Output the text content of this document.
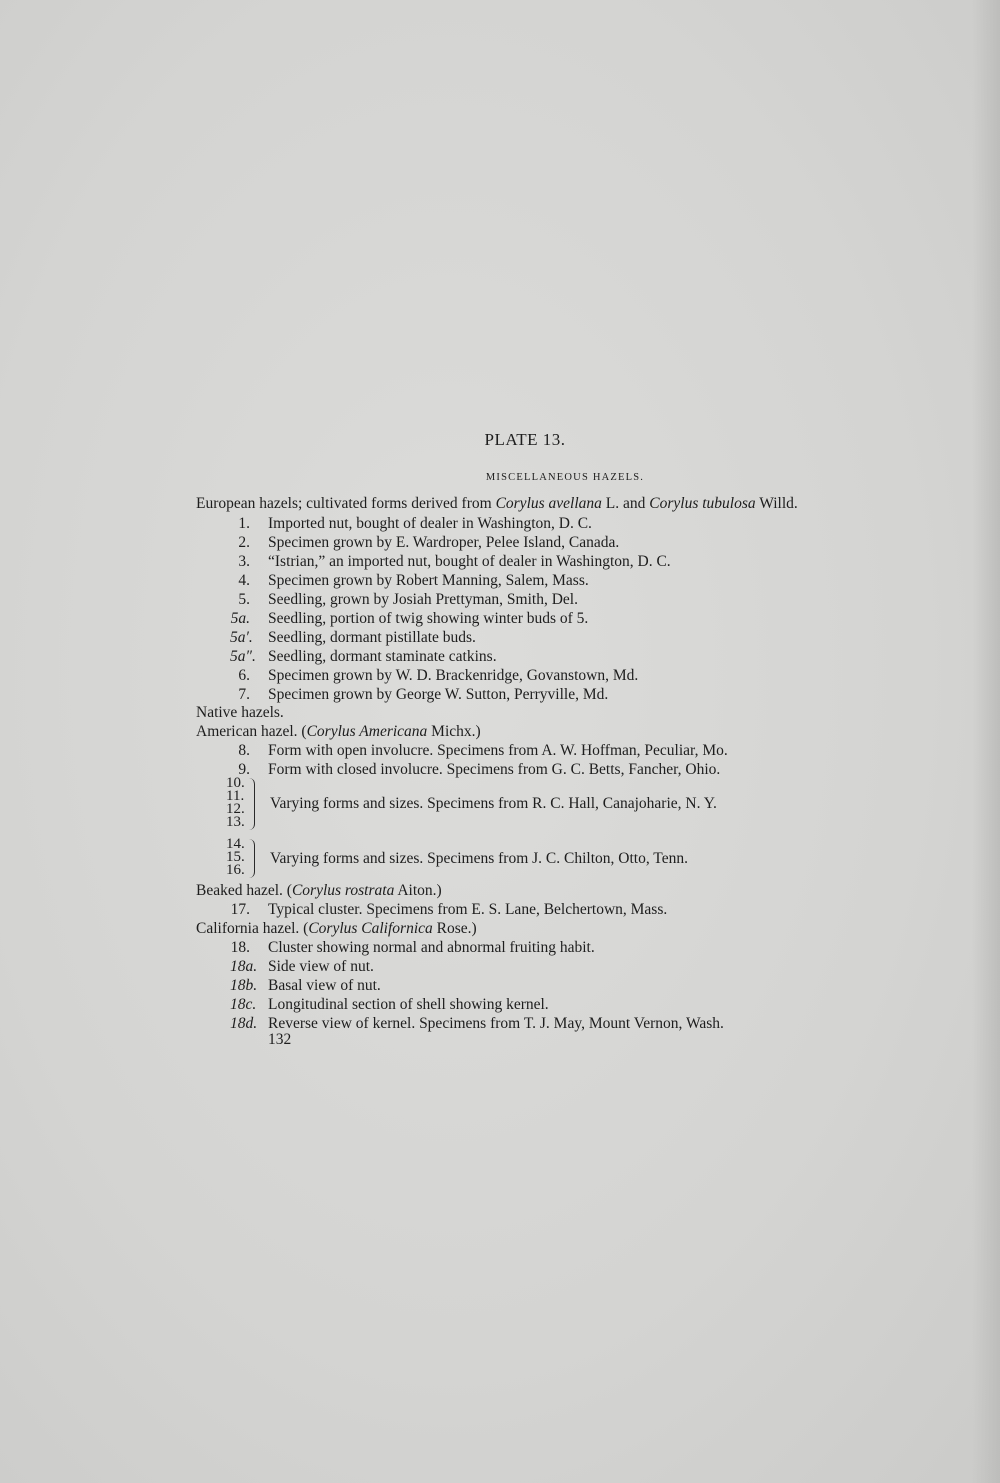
PLATE 13.
MISCELLANEOUS HAZELS.
European hazels; cultivated forms derived from Corylus avellana L. and Corylus tubulosa Willd.
1. Imported nut, bought of dealer in Washington, D. C.
2. Specimen grown by E. Wardroper, Pelee Island, Canada.
3. “Istrian,” an imported nut, bought of dealer in Washington, D. C.
4. Specimen grown by Robert Manning, Salem, Mass.
5. Seedling, grown by Josiah Prettyman, Smith, Del.
5a. Seedling, portion of twig showing winter buds of 5.
5a′. Seedling, dormant pistillate buds.
5a″. Seedling, dormant staminate catkins.
6. Specimen grown by W. D. Brackenridge, Govanstown, Md.
7. Specimen grown by George W. Sutton, Perryville, Md.
Native hazels.
American hazel. (Corylus Americana Michx.)
8. Form with open involucre. Specimens from A. W. Hoffman, Peculiar, Mo.
9. Form with closed involucre. Specimens from G. C. Betts, Fancher, Ohio.
10.
11.
12.
13.
Varying forms and sizes. Specimens from R. C. Hall, Canajoharie, N. Y.
14.
15.
16.
Varying forms and sizes. Specimens from J. C. Chilton, Otto, Tenn.
Beaked hazel. (Corylus rostrata Aiton.)
17. Typical cluster. Specimens from E. S. Lane, Belchertown, Mass.
California hazel. (Corylus Californica Rose.)
18. Cluster showing normal and abnormal fruiting habit.
18a. Side view of nut.
18b. Basal view of nut.
18c. Longitudinal section of shell showing kernel.
18d. Reverse view of kernel. Specimens from T. J. May, Mount Vernon, Wash.
132
